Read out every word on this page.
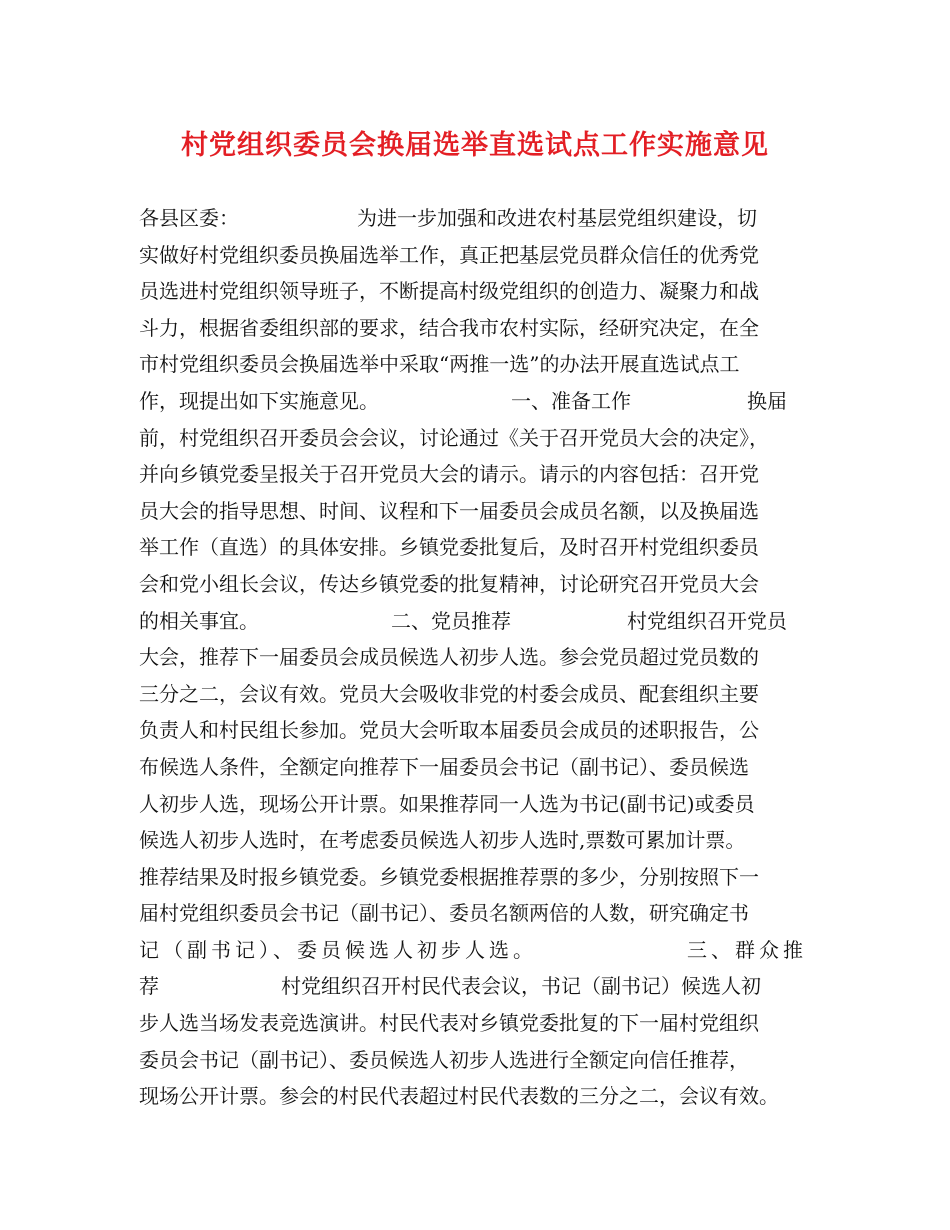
村党组织委员会换届选举直选试点工作实施意见
各县区委：	为进一步加强和改进农村基层党组织建设，切
实做好村党组织委员换届选举工作，真正把基层党员群众信任的优秀党
员选进村党组织领导班子，不断提高村级党组织的创造力、凝聚力和战
斗力，根据省委组织部的要求，结合我市农村实际，经研究决定，在全
市村党组织委员会换届选举中采取“两推一选”的办法开展直选试点工
作，现提出如下实施意见。	一、准备工作	换届
前，村党组织召开委员会会议，讨论通过《关于召开党员大会的决定》，
并向乡镇党委呈报关于召开党员大会的请示。请示的内容包括：召开党
员大会的指导思想、时间、议程和下一届委员会成员名额，以及换届选
举工作（直选）的具体安排。乡镇党委批复后，及时召开村党组织委员
会和党小组长会议，传达乡镇党委的批复精神，讨论研究召开党员大会
的相关事宜。	二、党员推荐	村党组织召开党员
大会，推荐下一届委员会成员候选人初步人选。参会党员超过党员数的
三分之二，会议有效。党员大会吸收非党的村委会成员、配套组织主要
负责人和村民组长参加。党员大会听取本届委员会成员的述职报告，公
布候选人条件，全额定向推荐下一届委员会书记（副书记）、委员候选
人初步人选，现场公开计票。如果推荐同一人选为书记(副书记)或委员
候选人初步人选时，在考虑委员候选人初步人选时,票数可累加计票。
推荐结果及时报乡镇党委。乡镇党委根据推荐票的多少，分别按照下一
届村党组织委员会书记（副书记）、委员名额两倍的人数，研究确定书
记（副书记）、委员候选人初步人选。	三、群众推
荐	村党组织召开村民代表会议，书记（副书记）候选人初
步人选当场发表竞选演讲。村民代表对乡镇党委批复的下一届村党组织
委员会书记（副书记）、委员候选人初步人选进行全额定向信任推荐，
现场公开计票。参会的村民代表超过村民代表数的三分之二，会议有效。
